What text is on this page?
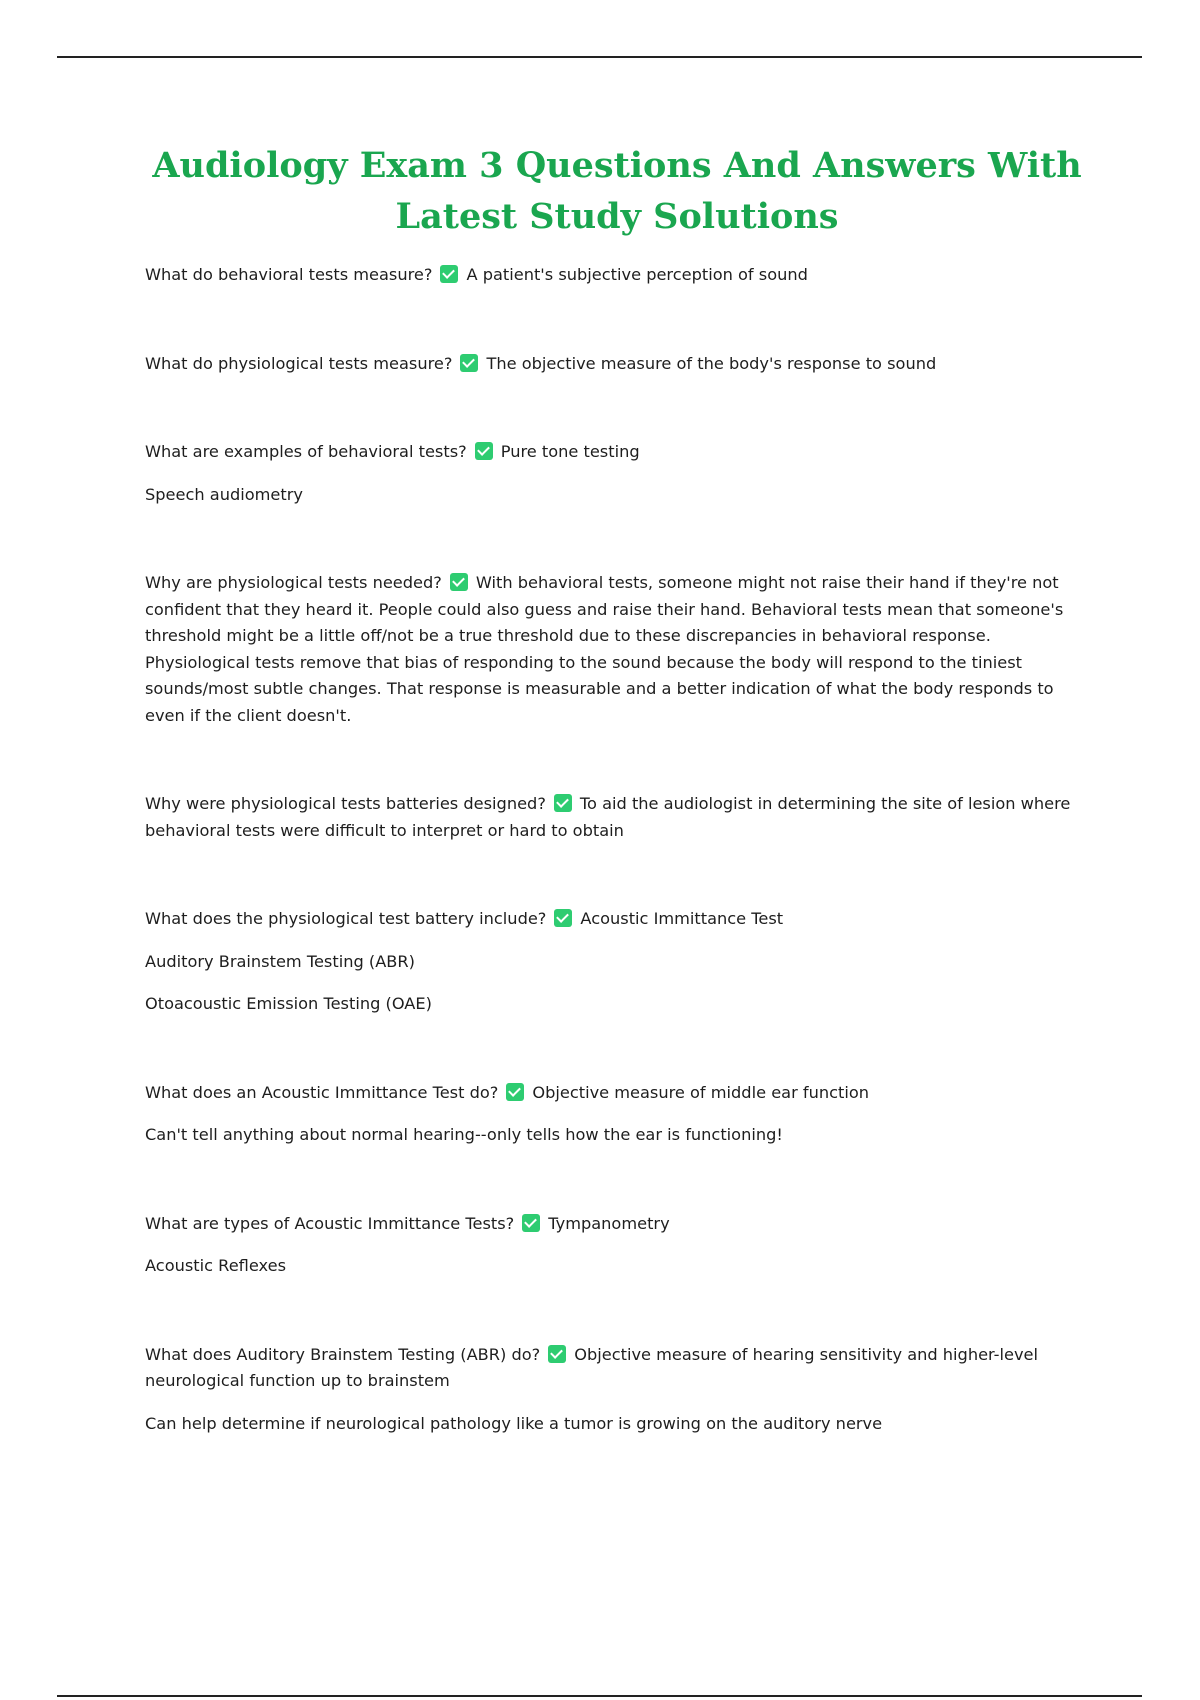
Audiology Exam 3 Questions And Answers With Latest Study Solutions

What do behavioral tests measure? A patient's subjective perception of sound

What do physiological tests measure? The objective measure of the body's response to sound

What are examples of behavioral tests? Pure tone testing

Speech audiometry

Why are physiological tests needed? With behavioral tests, someone might not raise their hand if they're not confident that they heard it. People could also guess and raise their hand. Behavioral tests mean that someone's threshold might be a little off/not be a true threshold due to these discrepancies in behavioral response. Physiological tests remove that bias of responding to the sound because the body will respond to the tiniest sounds/most subtle changes. That response is measurable and a better indication of what the body responds to even if the client doesn't.

Why were physiological tests batteries designed? To aid the audiologist in determining the site of lesion where behavioral tests were difficult to interpret or hard to obtain

What does the physiological test battery include? Acoustic Immittance Test

Auditory Brainstem Testing (ABR)

Otoacoustic Emission Testing (OAE)

What does an Acoustic Immittance Test do? Objective measure of middle ear function

Can't tell anything about normal hearing--only tells how the ear is functioning!

What are types of Acoustic Immittance Tests? Tympanometry

Acoustic Reflexes

What does Auditory Brainstem Testing (ABR) do? Objective measure of hearing sensitivity and higher-level neurological function up to brainstem

Can help determine if neurological pathology like a tumor is growing on the auditory nerve
